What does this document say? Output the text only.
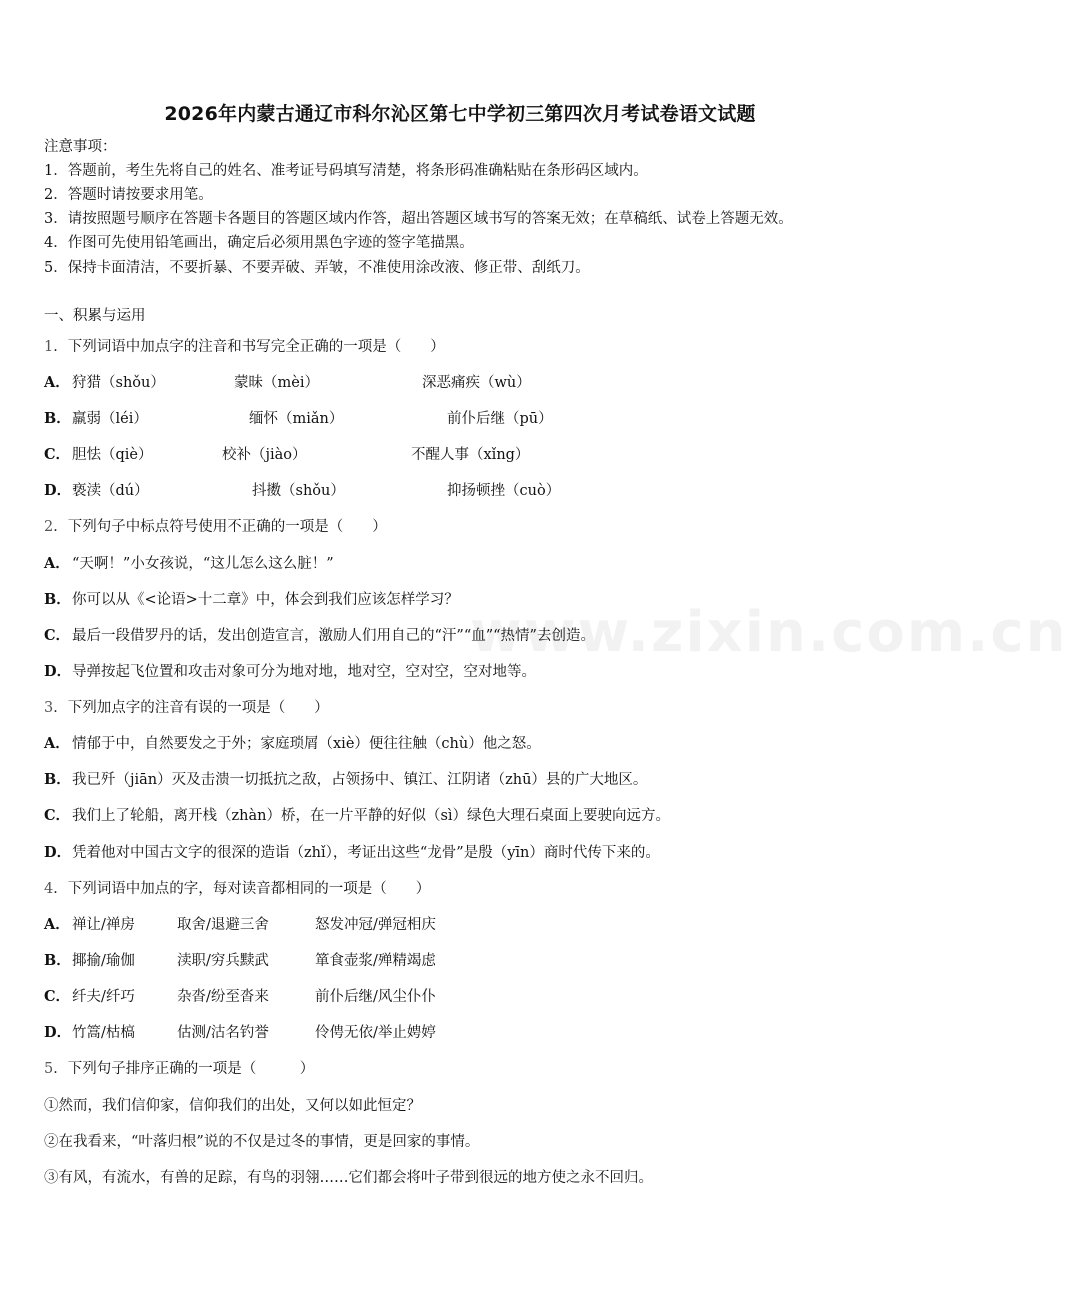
www.zixin.com.cn
2026年内蒙古通辽市科尔沁区第七中学初三第四次月考试卷语文试题
注意事项：
1．答题前，考生先将自己的姓名、准考证号码填写清楚，将条形码准确粘贴在条形码区域内。
2．答题时请按要求用笔。
3．请按照题号顺序在答题卡各题目的答题区域内作答，超出答题区域书写的答案无效；在草稿纸、试卷上答题无效。
4．作图可先使用铅笔画出，确定后必须用黑色字迹的签字笔描黑。
5．保持卡面清洁，不要折暴、不要弄破、弄皱，不准使用涂改液、修正带、刮纸刀。
一、积累与运用
1．下列词语中加点字的注音和书写完全正确的一项是（　　）
A． 狩猎（shǒu）	蒙昧（mèi）	深恶痛疾（wù）
B． 羸弱（léi）	缅怀（miǎn）	前仆后继（pū）
C． 胆怯（qiè）	校补（jiào）	不醒人事（xǐng）
D． 亵渎（dú）	抖擞（shǒu）	抑扬顿挫（cuò）
2．下列句子中标点符号使用不正确的一项是（　　）
A． “天啊！”小女孩说，“这儿怎么这么脏！”
B．你可以从《<论语>十二章》中，体会到我们应该怎样学习？
C． 最后一段借罗丹的话，发出创造宣言，激励人们用自己的“汗”“血”“热情”去创造。
D．导弹按起飞位置和攻击对象可分为地对地，地对空，空对空，空对地等。
3．下列加点字的注音有误的一项是（　　）
A． 情郁于中，自然要发之于外；家庭琐屑（xiè）便往往触（chù）他之怒。
B．我已歼（jiān）灭及击溃一切抵抗之敌，占领扬中、镇江、江阴诸（zhū）县的广大地区。
C． 我们上了轮船，离开栈（zhàn）桥，在一片平静的好似（sì）绿色大理石桌面上要驶向远方。
D．凭着他对中国古文字的很深的造诣（zhǐ），考证出这些“龙骨”是殷（yīn）商时代传下来的。
4．下列词语中加点的字，每对读音都相同的一项是（　　）
A． 禅让/禅房	取舍/退避三舍	怒发冲冠/弹冠相庆
B． 揶揄/瑜伽	渎职/穷兵黩武	箪食壶浆/殚精竭虑
C． 纤夫/纤巧	杂沓/纷至沓来	前仆后继/风尘仆仆
D． 竹篙/枯槁	估测/沽名钓誉	伶俜无依/举止娉婷
5．下列句子排序正确的一项是（　　　）
①然而，我们信仰家，信仰我们的出处，又何以如此恒定？
②在我看来，“叶落归根”说的不仅是过冬的事情，更是回家的事情。
③有风，有流水，有兽的足踪，有鸟的羽翎……它们都会将叶子带到很远的地方使之永不回归。
